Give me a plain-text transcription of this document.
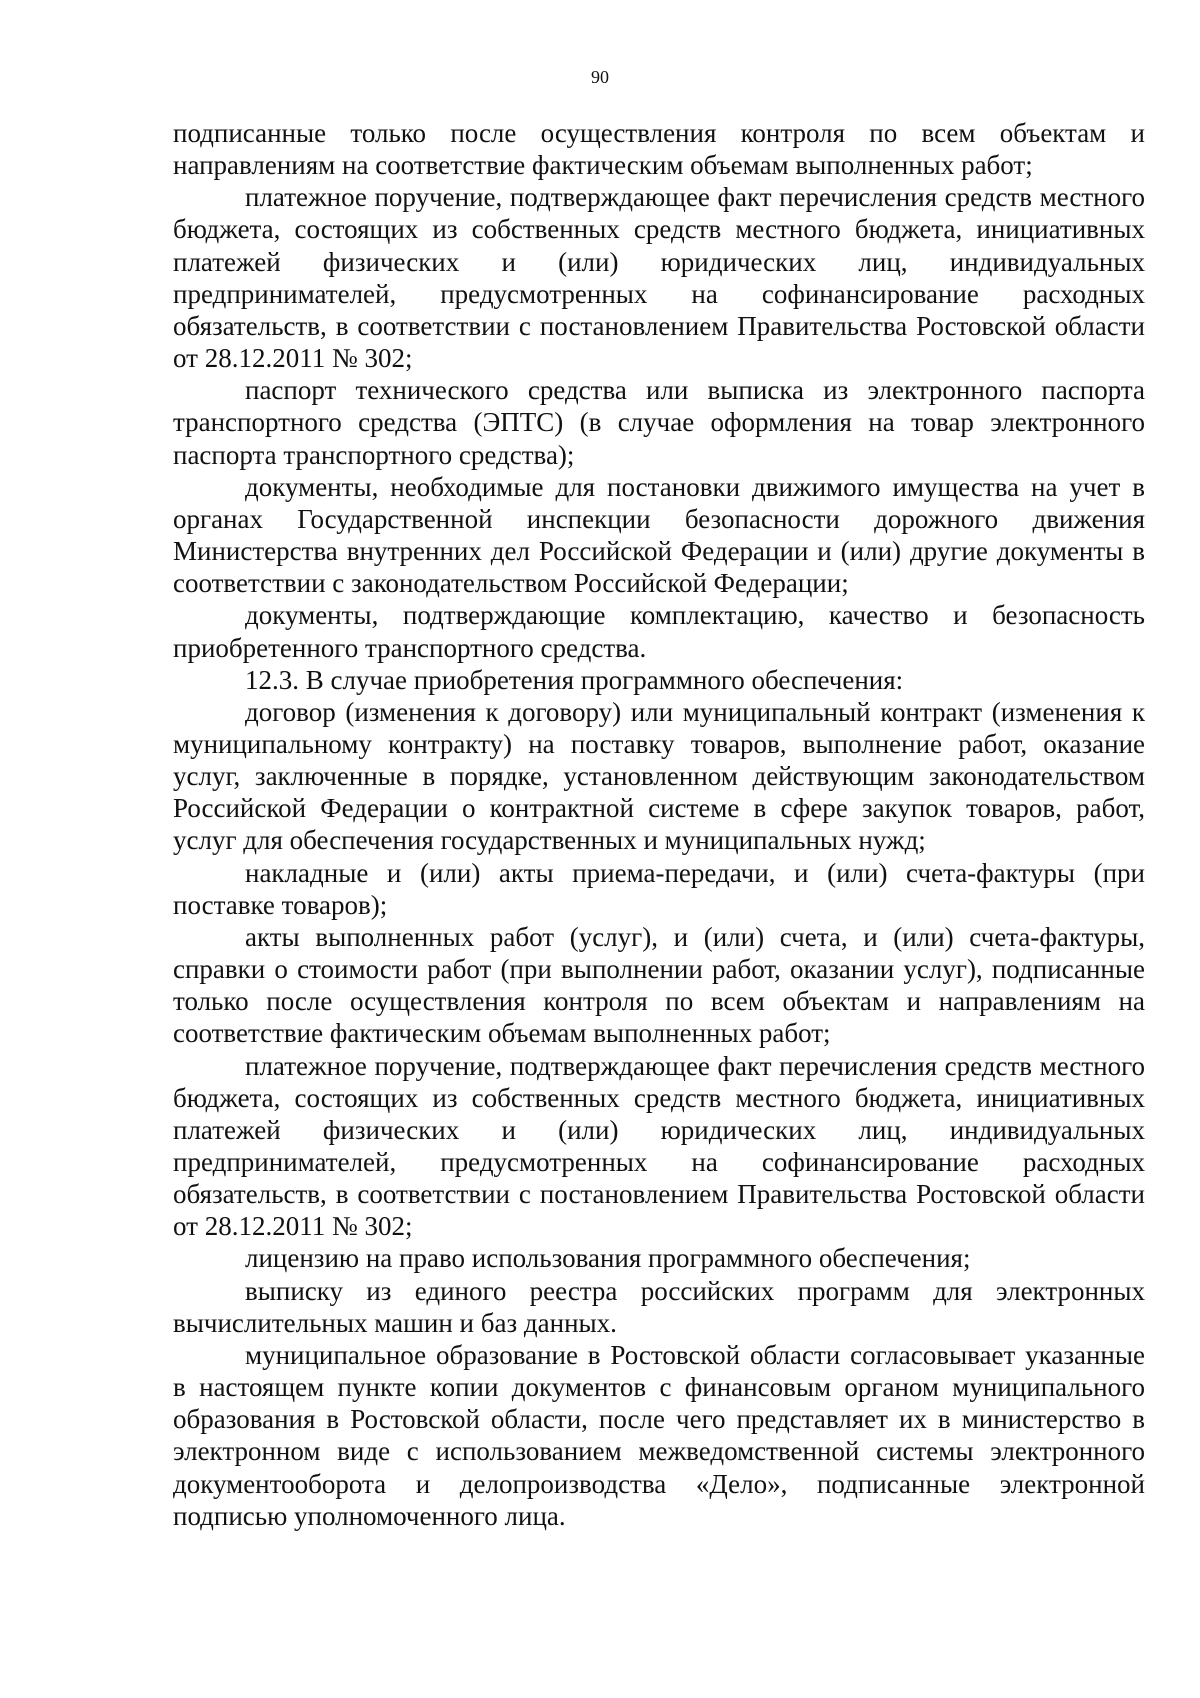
90

подписанные только после осуществления контроля по всем объектам и направлениям на соответствие фактическим объемам выполненных работ;

платежное поручение, подтверждающее факт перечисления средств местного бюджета, состоящих из собственных средств местного бюджета, инициативных платежей физических и (или) юридических лиц, индивидуальных предпринимателей, предусмотренных на софинансирование расходных обязательств, в соответствии с постановлением Правительства Ростовской области от 28.12.2011 № 302;

паспорт технического средства или выписка из электронного паспорта транспортного средства (ЭПТС) (в случае оформления на товар электронного паспорта транспортного средства);

документы, необходимые для постановки движимого имущества на учет в органах Государственной инспекции безопасности дорожного движения Министерства внутренних дел Российской Федерации и (или) другие документы в соответствии с законодательством Российской Федерации;

документы, подтверждающие комплектацию, качество и безопасность приобретенного транспортного средства.

12.3. В случае приобретения программного обеспечения:

договор (изменения к договору) или муниципальный контракт (изменения к муниципальному контракту) на поставку товаров, выполнение работ, оказание услуг, заключенные в порядке, установленном действующим законодательством Российской Федерации о контрактной системе в сфере закупок товаров, работ, услуг для обеспечения государственных и муниципальных нужд;

накладные и (или) акты приема-передачи, и (или) счета-фактуры (при поставке товаров);

акты выполненных работ (услуг), и (или) счета, и (или) счета-фактуры, справки о стоимости работ (при выполнении работ, оказании услуг), подписанные только после осуществления контроля по всем объектам и направлениям на соответствие фактическим объемам выполненных работ;

платежное поручение, подтверждающее факт перечисления средств местного бюджета, состоящих из собственных средств местного бюджета, инициативных платежей физических и (или) юридических лиц, индивидуальных предпринимателей, предусмотренных на софинансирование расходных обязательств, в соответствии с постановлением Правительства Ростовской области от 28.12.2011 № 302;

лицензию на право использования программного обеспечения;

выписку из единого реестра российских программ для электронных вычислительных машин и баз данных.

муниципальное образование в Ростовской области согласовывает указанные в настоящем пункте копии документов с финансовым органом муниципального образования в Ростовской области, после чего представляет их в министерство в электронном виде с использованием межведомственной системы электронного документооборота и делопроизводства «Дело», подписанные электронной подписью уполномоченного лица.
